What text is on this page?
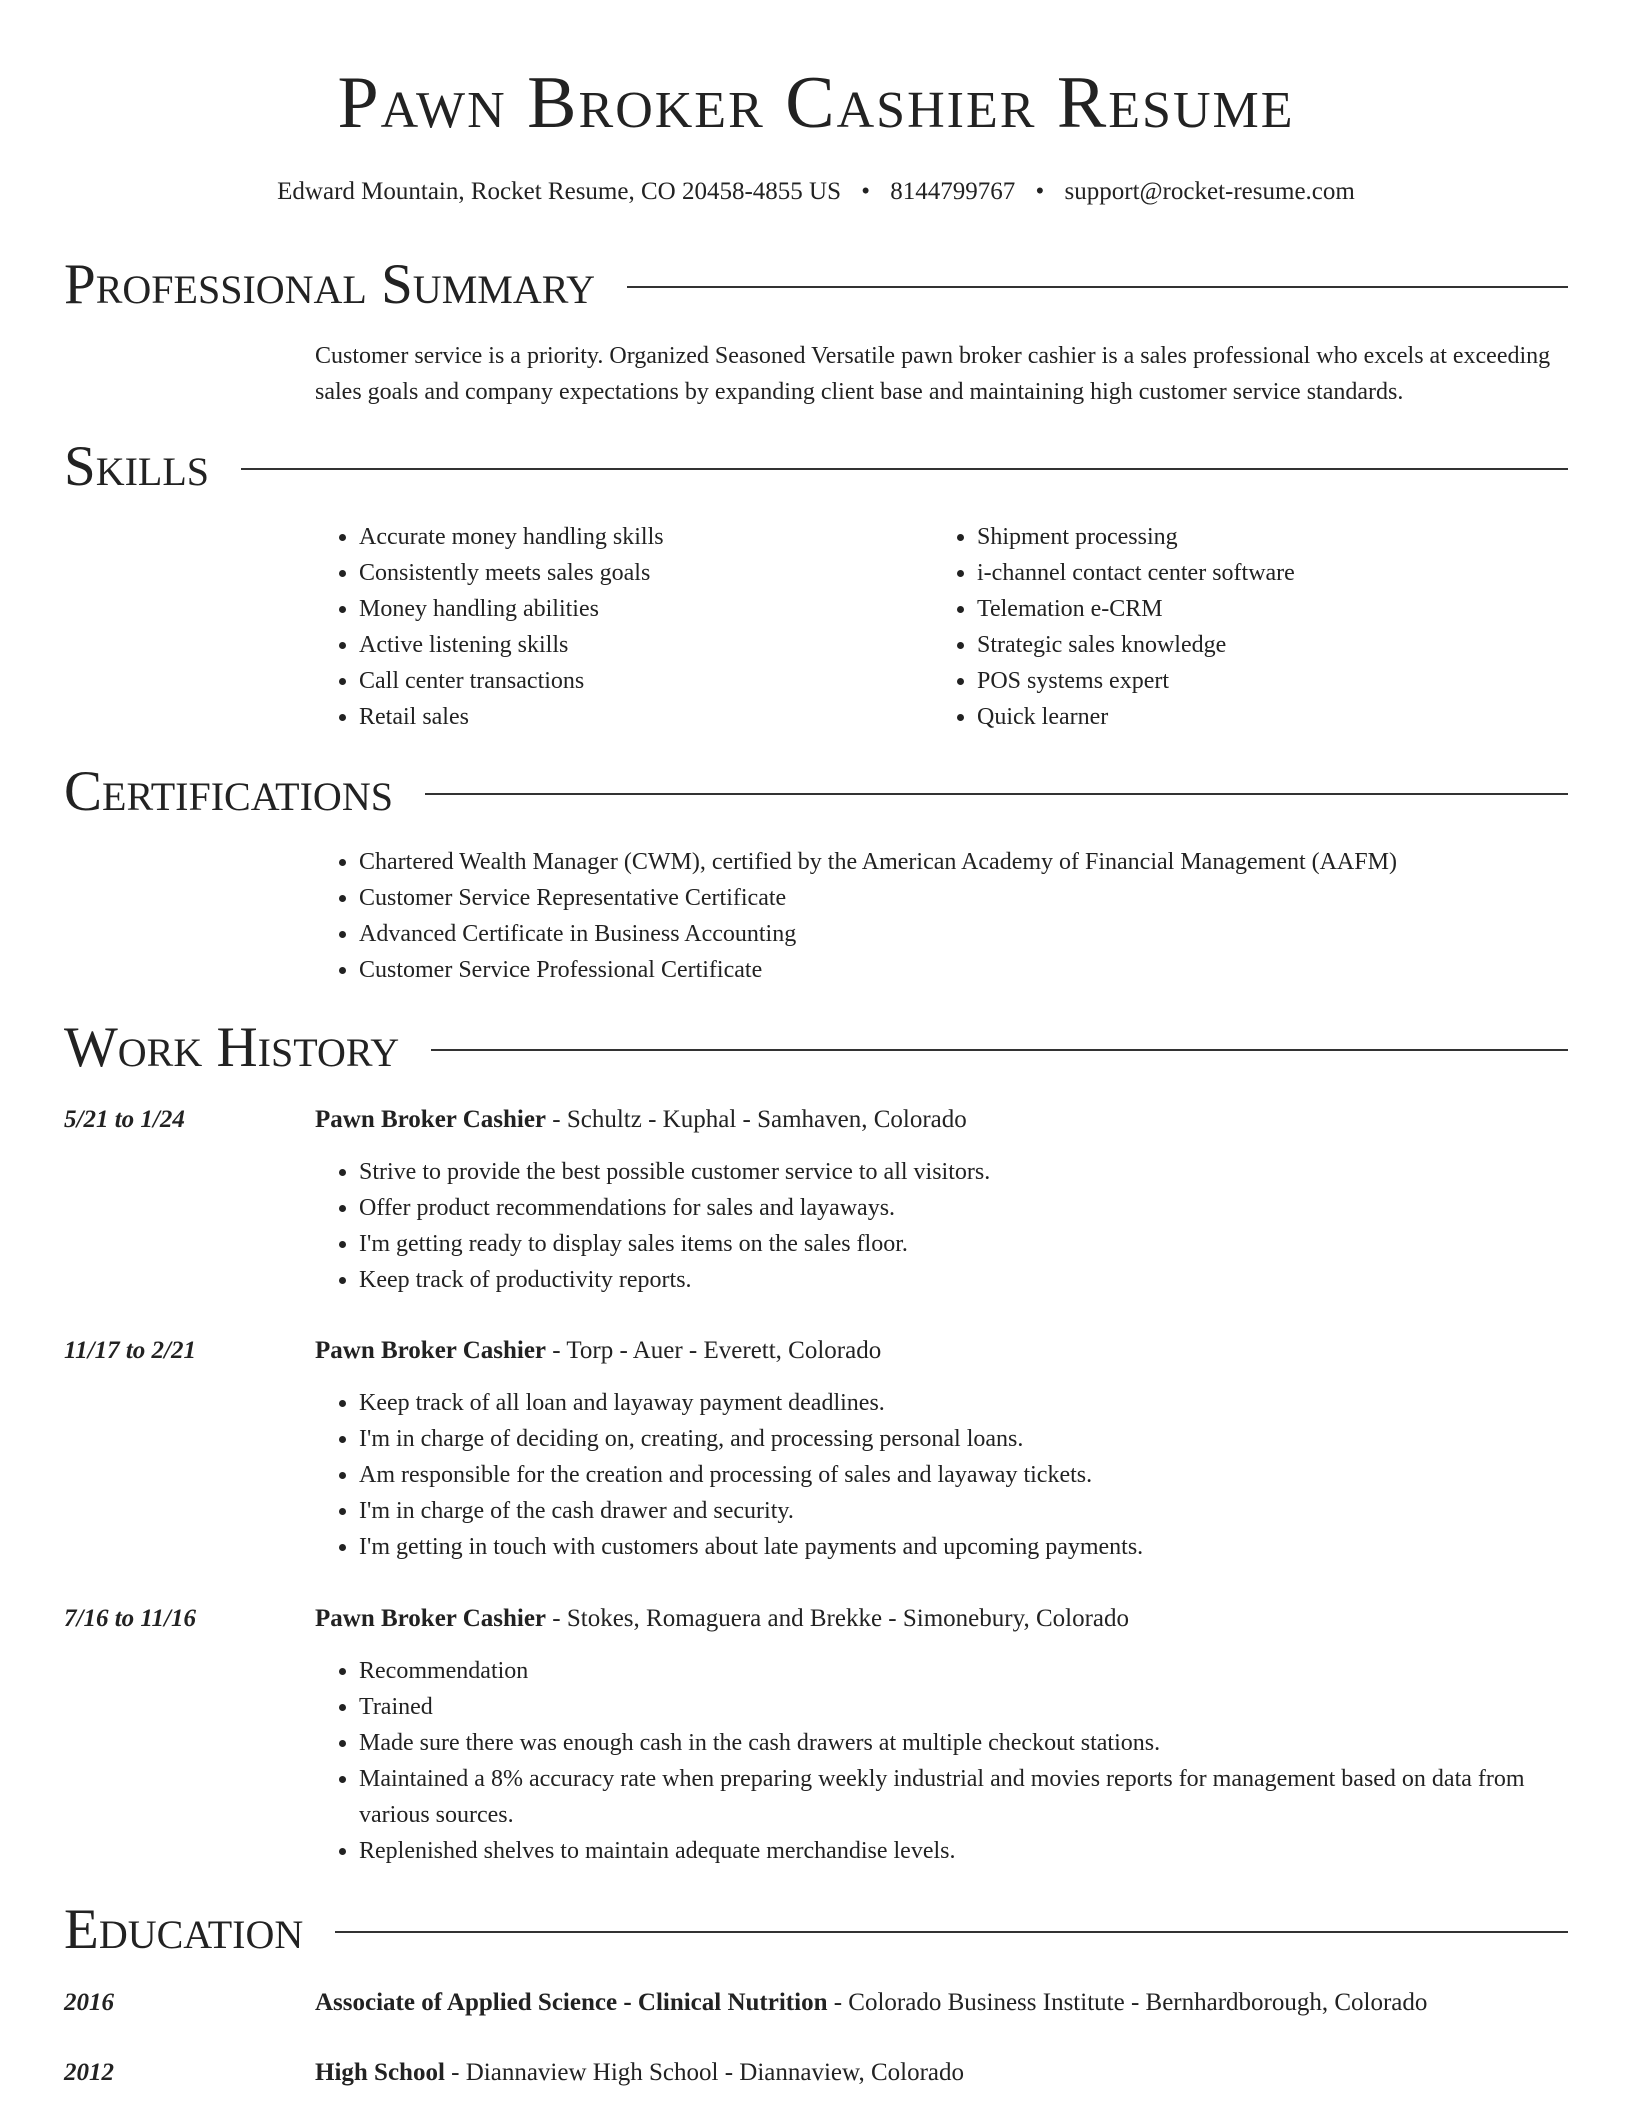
Pawn Broker Cashier Resume
Edward Mountain, Rocket Resume, CO 20458-4855 US • 8144799767 • support@rocket-resume.com
Professional Summary

Customer service is a priority. Organized Seasoned Versatile pawn broker cashier is a sales professional who excels at exceeding sales goals and company expectations by expanding client base and maintaining high customer service standards.

Skills
• Accurate money handling skills
• Consistently meets sales goals
• Money handling abilities
• Active listening skills
• Call center transactions
• Retail sales
• Shipment processing
• i-channel contact center software
• Telemation e-CRM
• Strategic sales knowledge
• POS systems expert
• Quick learner
Certifications
• Chartered Wealth Manager (CWM), certified by the American Academy of Financial Management (AAFM)
• Customer Service Representative Certificate
• Advanced Certificate in Business Accounting
• Customer Service Professional Certificate
Work History
5/21 to 1/24	Pawn Broker Cashier - Schultz - Kuphal - Samhaven, Colorado

• Strive to provide the best possible customer service to all visitors.
• Offer product recommendations for sales and layaways.
• I'm getting ready to display sales items on the sales floor.
• Keep track of productivity reports.
11/17 to 2/21	Pawn Broker Cashier - Torp - Auer - Everett, Colorado

• Keep track of all loan and layaway payment deadlines.
• I'm in charge of deciding on, creating, and processing personal loans.
• Am responsible for the creation and processing of sales and layaway tickets.
• I'm in charge of the cash drawer and security.
• I'm getting in touch with customers about late payments and upcoming payments.
7/16 to 11/16	Pawn Broker Cashier - Stokes, Romaguera and Brekke - Simonebury, Colorado

• Recommendation
• Trained
• Made sure there was enough cash in the cash drawers at multiple checkout stations.
• Maintained a 8% accuracy rate when preparing weekly industrial and movies reports for management based on data from various sources.
• Replenished shelves to maintain adequate merchandise levels.
Education
2016	Associate of Applied Science - Clinical Nutrition - Colorado Business Institute - Bernhardborough, Colorado

2012	High School - Diannaview High School - Diannaview, Colorado
